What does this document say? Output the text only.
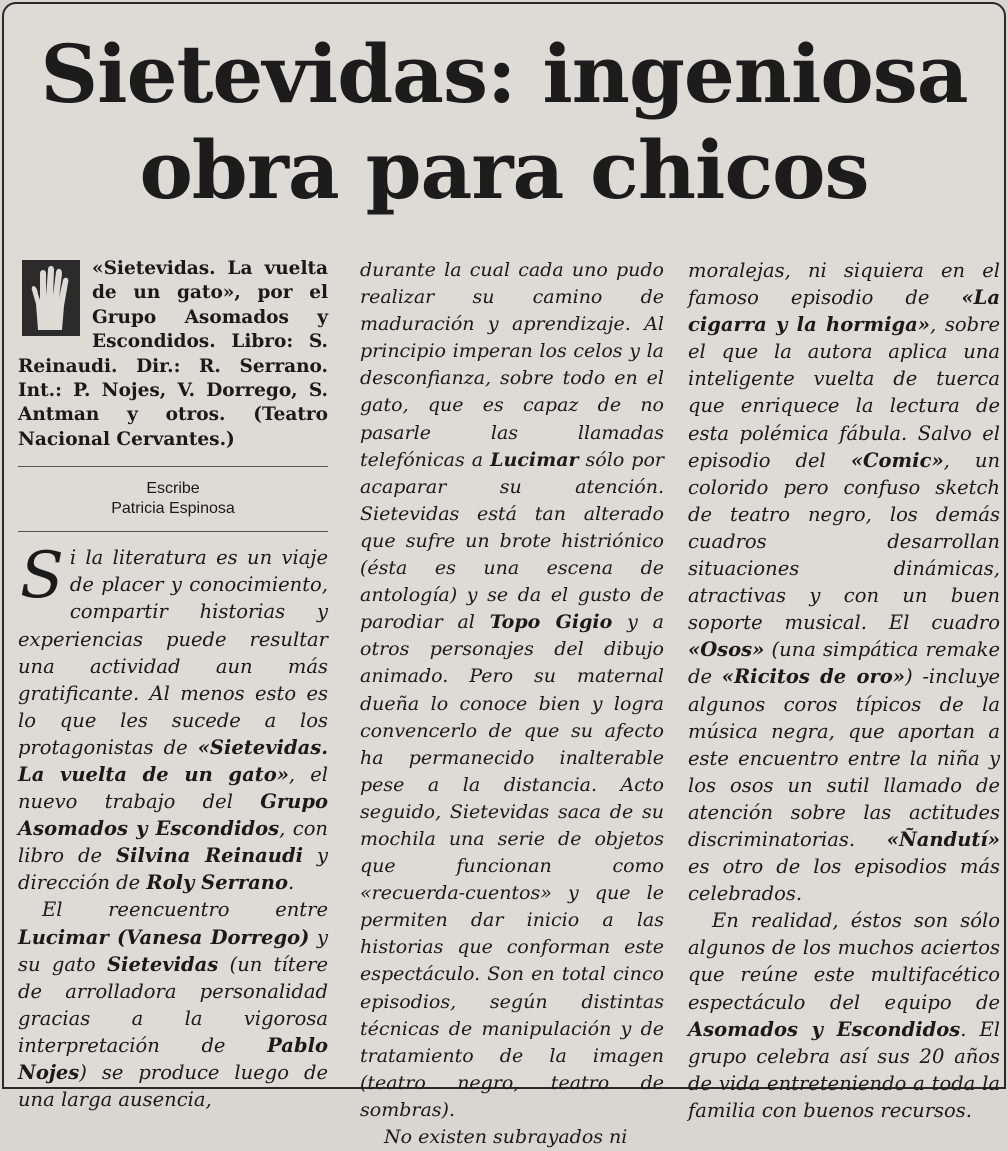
Sietevidas: ingeniosa
obra para chicos
«Sietevidas. La vuelta de un gato», por el Grupo Asomados y Escondidos. Libro: S. Reinaudi. Dir.: R. Serrano. Int.: P. Nojes, V. Dorrego, S. Antman y otros. (Teatro Nacional Cervantes.)
Escribe
Patricia Espinosa

Si la literatura es un viaje de placer y conocimiento, compartir historias y experiencias puede resultar una actividad aun más gratificante. Al menos esto es lo que les sucede a los protagonistas de «Sietevidas. La vuelta de un gato», el nuevo trabajo del Grupo Asomados y Escondidos, con libro de Silvina Reinaudi y dirección de Roly Serrano.

El reencuentro entre Lucimar (Vanesa Dorrego) y su gato Sietevidas (un títere de arrolladora personalidad gracias a la vigorosa interpretación de Pablo Nojes) se produce luego de una larga ausencia,

durante la cual cada uno pudo realizar su camino de maduración y aprendizaje. Al principio imperan los celos y la desconfianza, sobre todo en el gato, que es capaz de no pasarle las llamadas telefónicas a Lucimar sólo por acaparar su atención. Sietevidas está tan alterado que sufre un brote histriónico (ésta es una escena de antología) y se da el gusto de parodiar al Topo Gigio y a otros personajes del dibujo animado. Pero su maternal dueña lo conoce bien y logra convencerlo de que su afecto ha permanecido inalterable pese a la distancia. Acto seguido, Sietevidas saca de su mochila una serie de objetos que funcionan como «recuerda-cuentos» y que le permiten dar inicio a las historias que conforman este espectáculo. Son en total cinco episodios, según distintas técnicas de manipulación y de tratamiento de la imagen (teatro negro, teatro de sombras).

No existen subrayados ni

moralejas, ni siquiera en el famoso episodio de «La cigarra y la hormiga», sobre el que la autora aplica una inteligente vuelta de tuerca que enriquece la lectura de esta polémica fábula. Salvo el episodio del «Comic», un colorido pero confuso sketch de teatro negro, los demás cuadros desarrollan situaciones dinámicas, atractivas y con un buen soporte musical. El cuadro «Osos» (una simpática remake de «Ricitos de oro») -incluye algunos coros típicos de la música negra, que aportan a este encuentro entre la niña y los osos un sutil llamado de atención sobre las actitudes discriminatorias. «Ñandutí» es otro de los episodios más celebrados.

En realidad, éstos son sólo algunos de los muchos aciertos que reúne este multifacético espectáculo del equipo de Asomados y Escondidos. El grupo celebra así sus 20 años de vida entreteniendo a toda la familia con buenos recursos.
